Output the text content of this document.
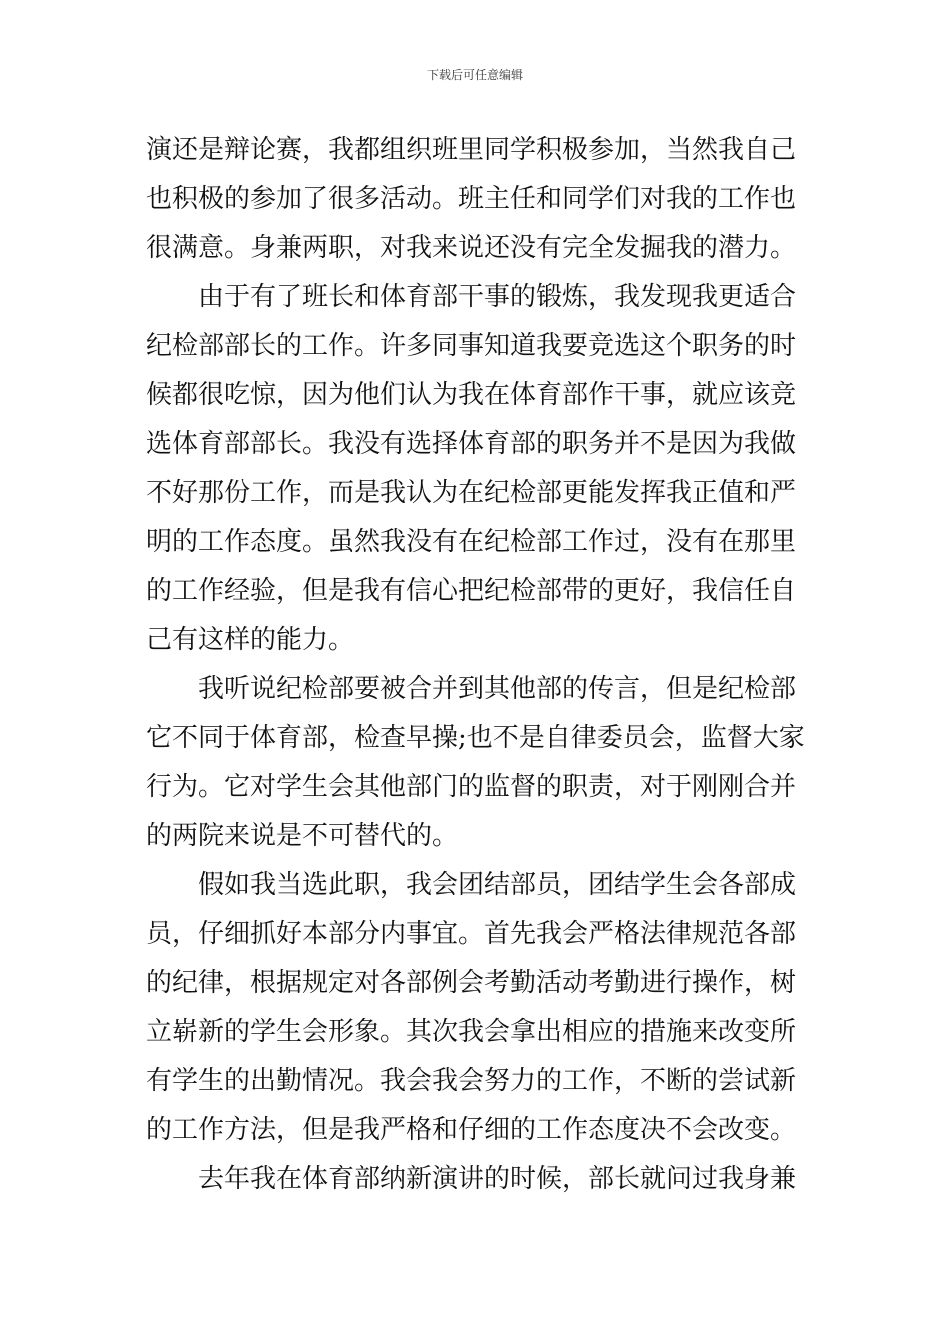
下载后可任意编辑
演还是辩论赛，我都组织班里同学积极参加，当然我自己
也积极的参加了很多活动。班主任和同学们对我的工作也
很满意。身兼两职，对我来说还没有完全发掘我的潜力。
由于有了班长和体育部干事的锻炼，我发现我更适合
纪检部部长的工作。许多同事知道我要竞选这个职务的时
候都很吃惊，因为他们认为我在体育部作干事，就应该竞
选体育部部长。我没有选择体育部的职务并不是因为我做
不好那份工作，而是我认为在纪检部更能发挥我正值和严
明的工作态度。虽然我没有在纪检部工作过，没有在那里
的工作经验，但是我有信心把纪检部带的更好，我信任自
己有这样的能力。
我听说纪检部要被合并到其他部的传言，但是纪检部
它不同于体育部，检查早操;也不是自律委员会，监督大家
行为。它对学生会其他部门的监督的职责，对于刚刚合并
的两院来说是不可替代的。
假如我当选此职，我会团结部员，团结学生会各部成
员，仔细抓好本部分内事宜。首先我会严格法律规范各部
的纪律，根据规定对各部例会考勤活动考勤进行操作，树
立崭新的学生会形象。其次我会拿出相应的措施来改变所
有学生的出勤情况。我会我会努力的工作，不断的尝试新
的工作方法，但是我严格和仔细的工作态度决不会改变。
去年我在体育部纳新演讲的时候，部长就问过我身兼
